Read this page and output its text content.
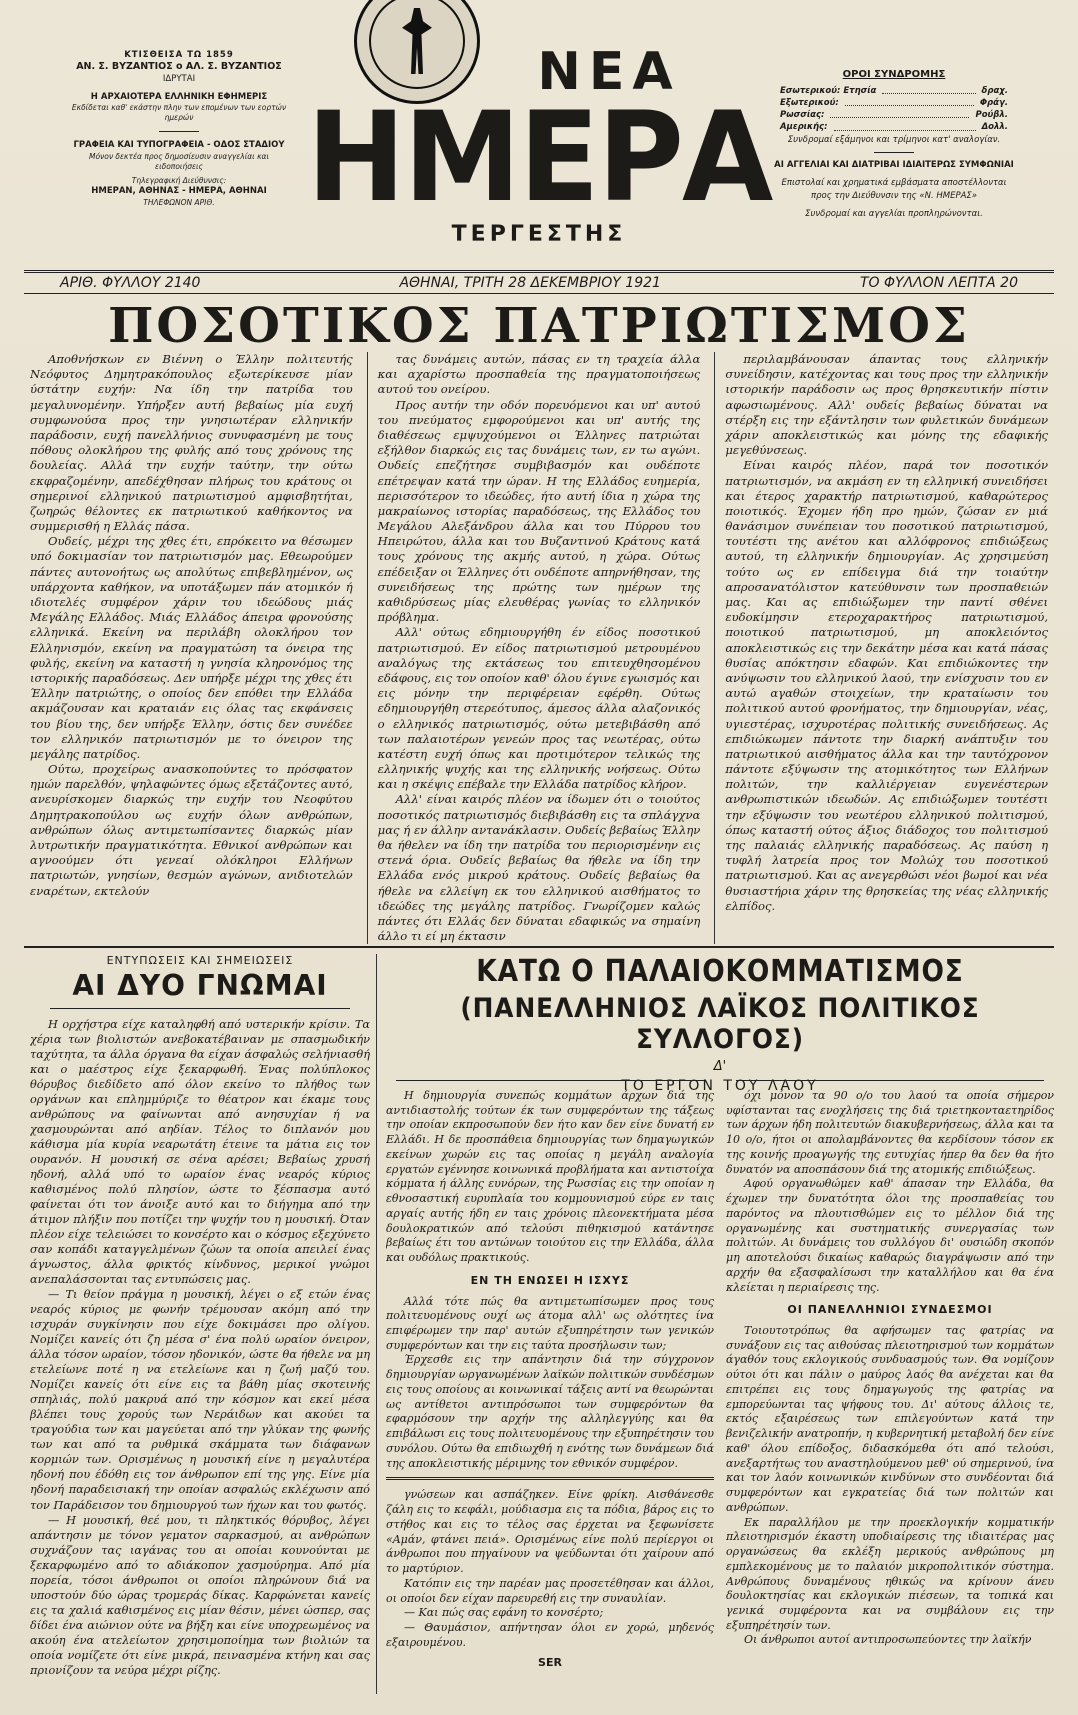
ΚΤΙΣΘΕΙΣΑ ΤΩ 1859
ΑΝ. Σ. ΒΥΖΑΝΤΙΟΣ ο ΑΛ. Σ. ΒΥΖΑΝΤΙΟΣ
ΙΔΡΥΤΑΙ
Η ΑΡΧΑΙΟΤΕΡΑ ΕΛΛΗΝΙΚΗ ΕΦΗΜΕΡΙΣ
Εκδίδεται καθ' εκάστην πλην των επομένων των εορτών ημερών
ΓΡΑΦΕΙΑ ΚΑΙ ΤΥΠΟΓΡΑΦΕΙΑ - ΟΔΟΣ ΣΤΑΔΙΟΥ
Μόνον δεκτέα προς δημοσίευσιν αναγγελίαι και ειδοποιήσεις
Τηλεγραφική Διεύθυνσις:
ΗΜΕΡΑΝ, ΑΘΗΝΑΣ - ΗΜΕΡΑ, ΑΘΗΝΑΙ
ΤΗΛΕΦΩΝΟΝ ΑΡΙΘ.
ΝΕΑ
ΗΜΕΡΑ
ΤΕΡΓΕΣΤΗΣ
ΟΡΟΙ ΣΥΝΔΡΟΜΗΣ
Εσωτερικού: Ετησία	δραχ.
Εξωτερικού:	Φράγ.
Ρωσσίας:	Ρούβλ.
Αμερικής:	Δολλ.
Συνδρομαί εξάμηνοι και τρίμηνοι κατ' αναλογίαν.
ΑΙ ΑΓΓΕΛΙΑΙ ΚΑΙ ΔΙΑΤΡΙΒΑΙ ΙΔΙΑΙΤΕΡΩΣ ΣΥΜΦΩΝΙΑΙ
Επιστολαί και χρηματικά εμβάσματα αποστέλλονται προς την Διεύθυνσιν της «Ν. ΗΜΕΡΑΣ»
Συνδρομαί και αγγελίαι προπληρώνονται.
ΑΡΙΘ. ΦΥΛΛΟΥ 2140	ΑΘΗΝΑΙ, ΤΡΙΤΗ 28 ΔΕΚΕΜΒΡΙΟΥ 1921	ΤΟ ΦΥΛΛΟΝ ΛΕΠΤΑ 20
ΠΟΣΟΤΙΚΟΣ ΠΑΤΡΙΩΤΙΣΜΟΣ

Αποθνήσκων εν Βιέννη ο Έλλην πολιτευτής Νεόφυτος Δημητρακόπουλος εξωτερίκευσε μίαν ύστάτην ευχήν: Να ίδη την πατρίδα του μεγαλυνομένην. Υπήρξεν αυτή βεβαίως μία ευχή συμφωνούσα προς την γνησιωτέραν ελληνικήν παράδοσιν, ευχή πανελλήνιος συνυφασμένη με τους πόθους ολοκλήρου της φυλής από τους χρόνους της δουλείας. Αλλά την ευχήν ταύτην, την ούτω εκφραζομένην, απεδέχθησαν πλήρως του κράτους οι σημερινοί ελληνικού πατριωτισμού αμφισβητήται, ζωηρώς θέλοντες εκ πατριωτικού καθήκοντος να συμμερισθή η Ελλάς πάσα.

Ουδείς, μέχρι της χθες έτι, επρόκειτο να θέσωμεν υπό δοκιμασίαν τον πατριωτισμόν μας. Εθεωρούμεν πάντες αυτονοήτως ως απολύτως επιβεβλημένον, ως υπάρχοντα καθήκον, να υποτάξωμεν πάν ατομικόν ή ιδιοτελές συμφέρον χάριν του ιδεώδους μιάς Μεγάλης Ελλάδος. Μιάς Ελλάδος άπειρα φρονούσης ελληνικά. Εκείνη να περιλάβη ολοκλήρου τον Ελληνισμόν, εκείνη να πραγματώση τα όνειρα της φυλής, εκείνη να καταστή η γνησία κληρονόμος της ιστορικής παραδόσεως. Δεν υπήρξε μέχρι της χθες έτι Έλλην πατριώτης, ο οποίος δεν επόθει την Ελλάδα ακμάζουσαν και κραταιάν εις όλας τας εκφάνσεις του βίου της, δεν υπήρξε Έλλην, όστις δεν συνέδεε τον ελληνικόν πατριωτισμόν με το όνειρον της μεγάλης πατρίδος.

Ούτω, προχείρως ανασκοπούντες το πρόσφατον ημών παρελθόν, ψηλαφώντες όμως εξετάζοντες αυτό, ανευρίσκομεν διαρκώς την ευχήν του Νεοφύτου Δημητρακοπούλου ως ευχήν όλων ανθρώπων, ανθρώπων όλως αντιμετωπίσαντες διαρκώς μίαν λυτρωτικήν πραγματικότητα. Εθνικοί ανθρώπων και αγνοούμεν ότι γενεαί ολόκληροι Ελλήνων πατριωτών, γνησίων, θεσμών αγώνων, ανιδιοτελών εναρέτων, εκτελούν

τας δυνάμεις αυτών, πάσας εν τη τραχεία άλλα και αχαρίστω προσπαθεία της πραγματοποιήσεως αυτού του ονείρου.

Προς αυτήν την οδόν πορευόμενοι και υπ' αυτού του πνεύματος εμφορούμενοι και υπ' αυτής της διαθέσεως εμψυχούμενοι οι Έλληνες πατριώται εξήλθον διαρκώς εις τας δυνάμεις των, εν τω αγώνι. Ουδείς επεζήτησε συμβιβασμόν και ουδέποτε επέτρεψαν κατά την ώραν. Η της Ελλάδος ευημερία, περισσότερον το ιδεώδες, ήτο αυτή ίδια η χώρα της μακραίωνος ιστορίας παραδόσεως, της Ελλάδος του Μεγάλου Αλεξάνδρου άλλα και του Πύρρου του Ηπειρώτου, άλλα και του Βυζαντινού Κράτους κατά τους χρόνους της ακμής αυτού, η χώρα. Ούτως επέδειξαν οι Έλληνες ότι ουδέποτε απηρνήθησαν, της συνειδήσεως της πρώτης των ημέρων της καθιδρύσεως μίας ελευθέρας γωνίας το ελληνικόν πρόβλημα.

Αλλ' ούτως εδημιουργήθη έν είδος ποσοτικού πατριωτισμού. Εν είδος πατριωτισμού μετρουμένου αναλόγως της εκτάσεως του επιτευχθησομένου εδάφους, εις τον οποίον καθ' όλου έγινε εγωισμός και εις μόνην την περιφέρειαν εφέρθη. Ούτως εδημιουργήθη στερεότυπος, άμεσος άλλα αλαζονικός ο ελληνικός πατριωτισμός, ούτω μετεβιβάσθη από των παλαιοτέρων γενεών προς τας νεωτέρας, ούτω κατέστη ευχή όπως και προτιμότερον τελικώς της ελληνικής ψυχής και της ελληνικής νοήσεως. Ούτω και η σκέψις επέβαλε την Ελλάδα πατρίδος κλήρον.

Αλλ' είναι καιρός πλέον να ίδωμεν ότι ο τοιούτος ποσοτικός πατριωτισμός διεβιβάσθη εις τα σπλάγχνα μας ή εν άλλην αντανάκλασιν. Ουδείς βεβαίως Έλλην θα ήθελεν να ίδη την πατρίδα του περιορισμένην εις στενά όρια. Ουδείς βεβαίως θα ήθελε να ίδη την Ελλάδα ενός μικρού κράτους. Ουδείς βεβαίως θα ήθελε να ελλείψη εκ του ελληνικού αισθήματος το ιδεώδες της μεγάλης πατρίδος. Γνωρίζομεν καλώς πάντες ότι Ελλάς δεν δύναται εδαφικώς να σημαίνη άλλο τι εί μη έκτασιν

περιλαμβάνουσαν άπαντας τους ελληνικήν συνείδησιν, κατέχοντας και τους προς την ελληνικήν ιστορικήν παράδοσιν ως προς θρησκευτικήν πίστιν αφωσιωμένους. Αλλ' ουδείς βεβαίως δύναται να στέρξη εις την εξάντλησιν των φυλετικών δυνάμεων χάριν αποκλειστικώς και μόνης της εδαφικής μεγεθύνσεως.

Είναι καιρός πλέον, παρά τον ποσοτικόν πατριωτισμόν, να ακμάση εν τη ελληνική συνειδήσει και έτερος χαρακτήρ πατριωτισμού, καθαρώτερος ποιοτικός. Έχομεν ήδη προ ημών, ζώσαν εν μιά θανάσιμον συνέπειαν του ποσοτικού πατριωτισμού, τουτέστι της ανέτου και αλλόφρονος επιδιώξεως αυτού, τη ελληνικήν δημιουργίαν. Ας χρησιμεύση τούτο ως εν επίδειγμα διά την τοιαύτην απροσανατόλιστον κατεύθυνσιν των προσπαθειών μας. Και ας επιδιώξωμεν την παντί σθένει ευδοκίμησιν ετεροχαρακτήρος πατριωτισμού, ποιοτικού πατριωτισμού, μη αποκλειόντος αποκλειστικώς εις την δεκάτην μέσα και κατά πάσας θυσίας απόκτησιν εδαφών. Και επιδιώκοντες την ανύψωσιν του ελληνικού λαού, την ενίσχυσιν του εν αυτώ αγαθών στοιχείων, την κραταίωσιν του πολιτικού αυτού φρονήματος, την δημιουργίαν, νέας, υγιεστέρας, ισχυροτέρας πολιτικής συνειδήσεως. Ας επιδιώκωμεν πάντοτε την διαρκή ανάπτυξιν του πατριωτικού αισθήματος άλλα και την ταυτόχρονον πάντοτε εξύψωσιν της ατομικότητος των Ελλήνων πολιτών, την καλλιέργειαν ευγενέστερων ανθρωπιστικών ιδεωδών. Ας επιδιώξωμεν τουτέστι την εξύψωσιν του νεωτέρου ελληνικού πολιτισμού, όπως καταστή ούτος άξιος διάδοχος του πολιτισμού της παλαιάς ελληνικής παραδόσεως. Ας παύση η τυφλή λατρεία προς τον Μολώχ του ποσοτικού πατριωτισμού. Και ας ανεγερθώσι νέοι βωμοί και νέα θυσιαστήρια χάριν της θρησκείας της νέας ελληνικής ελπίδος.

ΕΝΤΥΠΩΣΕΙΣ ΚΑΙ ΣΗΜΕΙΩΣΕΙΣ
ΑΙ ΔΥΟ ΓΝΩΜΑΙ

Η ορχήστρα είχε καταληφθή από υστερικήν κρίσιν. Τα χέρια των βιολιστών ανεβοκατέβαιναν με σπασμωδικήν ταχύτητα, τα άλλα όργανα θα είχαν άσφαλώς σελήνιασθή και ο μαέστρος είχε ξεκαρφωθή. Ένας πολύπλοκος θόρυβος διεδίδετο από όλον εκείνο το πλήθος των οργάνων και επλημμύριζε το θέατρον και έκαμε τους ανθρώπους να φαίνωνται από ανησυχίαν ή να χασμουρώνται από αηδίαν. Τέλος το διπλανόν μου κάθισμα μία κυρία νεαρωτάτη έτεινε τα μάτια εις τον ουρανόν. Η μουσική σε σένα αρέσει; Βεβαίως χρυσή ηδονή, αλλά υπό το ωραίον ένας νεαρός κύριος καθισμένος πολύ πλησίον, ώστε το ξέσπασμα αυτό φαίνεται ότι τον άνοιξε αυτό και το διήγημα από την άτιμον πλήξιν που ποτίζει την ψυχήν του η μουσική. Όταν πλέον είχε τελειώσει το κονσέρτο και ο κόσμος εξεχύνετο σαν κοπάδι καταγγελμένων ζώων τα οποία απειλεί ένας άγνωστος, άλλα φρικτός κίνδυνος, μερικοί γνώμοι ανεπαλάσσονται τας εντυπώσεις μας.

— Τι θείον πράγμα η μουσική, λέγει ο εξ ετών ένας νεαρός κύριος με φωνήν τρέμουσαν ακόμη από την ισχυράν συγκίνησιν που είχε δοκιμάσει προ ολίγου. Νομίζει κανείς ότι ζη μέσα σ' ένα πολύ ωραίον όνειρον, άλλα τόσον ωραίον, τόσον ηδονικόν, ώστε θα ήθελε να μη ετελείωνε ποτέ η να ετελείωνε και η ζωή μαζύ του. Νομίζει κανείς ότι είνε εις τα βάθη μίας σκοτεινής σπηλιάς, πολύ μακρυά από την κόσμον και εκεί μέσα βλέπει τους χορούς των Νεράιδων και ακούει τα τραγούδια των και μαγεύεται από την γλύκαν της φωνής των και από τα ρυθμικά σκάμματα των διάφανων κορμιών των. Ορισμένως η μουσική είνε η μεγαλυτέρα ηδονή που έδόθη εις τον άνθρωπον επί της γης. Είνε μία ηδονή παραδεισιακή την οποίαν ασφαλώς εκλέχωσιν από τον Παράδεισον του δημιουργού των ήχων και του φωτός.

— Η μουσική, θεέ μου, τι πληκτικός θόρυβος, λέγει απάντησιν με τόνον γεματον σαρκασμού, αι ανθρώπων συχνάζουν τας ιαγάνας του αι οποίαι κουνούνται με ξεκαρφωμένο από το αδιάκοπον χασμούρημα. Από μία πορεία, τόσοι άνθρωποι οι οποίοι πληρώνουν διά να υποστούν δύο ώρας τρομεράς δίκας. Καρφώνεται κανείς εις τα χαλιά καθισμένος εις μίαν θέσιν, μένει ώσπερ, σας δίδει ένα αιώνιον ούτε να βήξη και είνε υποχρεωμένος να ακούη ένα ατελείωτον χρησιμοποίημα των βιολιών τα οποία νομίζετε ότι είνε μικρά, πεινασμένα κτήνη και σας πριονίζουν τα νεύρα μέχρι ρίζης.

ΚΑΤΩ Ο ΠΑΛΑΙΟΚΟΜΜΑΤΙΣΜΟΣ
(ΠΑΝΕΛΛΗΝΙΟΣ ΛΑΪΚΟΣ ΠΟΛΙΤΙΚΟΣ ΣΥΛΛΟΓΟΣ)
Δ'
ΤΟ ΕΡΓΟΝ ΤΟΥ ΛΑΟΥ

Η δημιουργία συνεπώς κομμάτων άρχων διά της αντιδιαστολής τούτων έκ των συμφερόντων της τάξεως την οποίαν εκπροσωπούν δεν ήτο καν δεν είνε δυνατή εν Ελλάδι. Η δε προσπάθεια δημιουργίας των δημαγωγικών εκείνων χωρών εις τας οποίας η μεγάλη αναλογία εργατών εγέννησε κοινωνικά προβλήματα και αντιστοίχα κόμματα ή άλλης ευνόρων, της Ρωσσίας εις την οποίαν η εθνοσαστική ευρυπλαία του κομμουνισμού εύρε εν ταις αργαίς αυτής ήδη εν ταις χρόνοις πλεονεκτήματα μέσα δουλοκρατικών από τελούσι πιθηκισμού κατάντησε βεβαίως έτι του αντώνων τοιούτου εις την Ελλάδα, άλλα και ουδόλως πρακτικούς.

ΕΝ ΤΗ ΕΝΩΣΕΙ Η ΙΣΧΥΣ

Αλλά τότε πώς θα αντιμετωπίσωμεν προς τους πολιτευομένους ουχί ως άτομα αλλ' ως ολότητες ίνα επιφέρωμεν την παρ' αυτών εξυπηρέτησιν των γενικών συμφερόντων και την εις ταύτα προσήλωσιν των;

Έρχεσθε εις την απάντησιν διά την σύγχρονον δημιουργίαν ωργανωμένων λαϊκών πολιτικών συνδέσμων εις τους οποίους αι κοινωνικαί τάξεις αντί να θεωρώνται ως αντίθετοι αντιπρόσωποι των συμφερόντων θα εφαρμόσουν την αρχήν της αλληλεγγύης και θα επιβάλωσι εις τους πολιτευομένους την εξυπηρέτησιν του συνόλου. Ούτω θα επιδιωχθή η ενότης των δυνάμεων διά της αποκλειστικής μέριμνης τον εθνικόν συμφέρον.

γνώσεων και ασπάζηκεν. Είνε φρίκη. Αισθάνεσθε ζάλη εις το κεφάλι, μούδιασμα εις τα πόδια, βάρος εις το στήθος και εις το τέλος σας έρχεται να ξεφωνίσετε «Αμάν, φτάνει πειά». Ορισμένως είνε πολύ περίεργοι οι άνθρωποι που πηγαίνουν να ψεύδωνται ότι χαίρουν από το μαρτύριον.

Κατόπιν εις την παρέαν μας προσετέθησαν και άλλοι, οι οποίοι δεν είχαν παρευρεθή εις την συναυλίαν.

— Και πώς σας εφάνη το κονσέρτο;

— Θαυμάσιον, απήντησαν όλοι εν χορώ, μηδενός εξαιρουμένου.

SER

όχι μόνον τα 90 ο/ο του λαού τα οποία σήμερον υφίστανται τας ενοχλήσεις της διά τριετηκονταετηρίδος των άρχων ήδη πολιτευτών διακυβερνήσεως, άλλα και τα 10 ο/ο, ήτοι οι απολαμβάνοντες θα κερδίσουν τόσον εκ της κοινής προαγωγής της ευτυχίας ήπερ θα δεν θα ήτο δυνατόν να αποσπάσουν διά της ατομικής επιδιώξεως.

Αφού οργανωθώμεν καθ' άπασαν την Ελλάδα, θα έχωμεν την δυνατότητα όλοι της προσπαθείας του παρόντος να πλουτισθώμεν εις το μέλλον διά της οργανωμένης και συστηματικής συνεργασίας των πολιτών. Αι δυνάμεις του συλλόγου δι' ουσιώδη σκοπόν μη αποτελούσι δικαίως καθαρώς διαγράψωσιν από την αρχήν θα εξασφαλίσωσι την καταλλήλου και θα ένα κλείεται η περιαίρεσις της.

ΟΙ ΠΑΝΕΛΛΗΝΙΟΙ ΣΥΝΔΕΣΜΟΙ

Τοιουτοτρόπως θα αφήσωμεν τας φατρίας να συνάξουν εις τας αιθούσας πλειοτηρισμού των κομμάτων άγαθόν τους εκλογικούς συνδυασμούς των. Θα νομίζουν ούτοι ότι και πάλιν ο μαύρος λαός θα ανέχεται και θα επιτρέπει εις τους δημαγωγούς της φατρίας να εμπορεύωνται τας ψήφους του. Δι' αύτους άλλοις τε, εκτός εξαιρέσεως των επιλεγούντων κατά την βενιζελικήν ανατροπήν, η κυβερνητική μεταβολή δεν είνε καθ' όλου επίδοξος, διδασκόμεθα ότι από τελούσι, ανεξαρτήτως του αναστηλούμενου μεθ' ού σημερινού, ίνα και τον λαόν κοινωνικών κινδύνων στο συνδέονται διά συμφερόντων και εγκρατείας διά των πολιτών και ανθρώπων.

Εκ παραλλήλου με την προεκλογικήν κομματικήν πλειοτηρισμόν έκαστη υποδιαίρεσις της ιδιαιτέρας μας οργανώσεως θα εκλέξη μερικούς ανθρώπους μη εμπλεκομένους με το παλαιόν μικροπολιτικόν σύστημα. Ανθρώπους δυναμένους ηθικώς να κρίνουν άνευ δουλοκτησίας και εκλογικών πιέσεων, τα τοπικά και γενικά συμφέροντα και να συμβάλουν εις την εξυπηρέτησίν των.

Οι άνθρωποι αυτοί αντιπροσωπεύοντες την λαϊκήν
